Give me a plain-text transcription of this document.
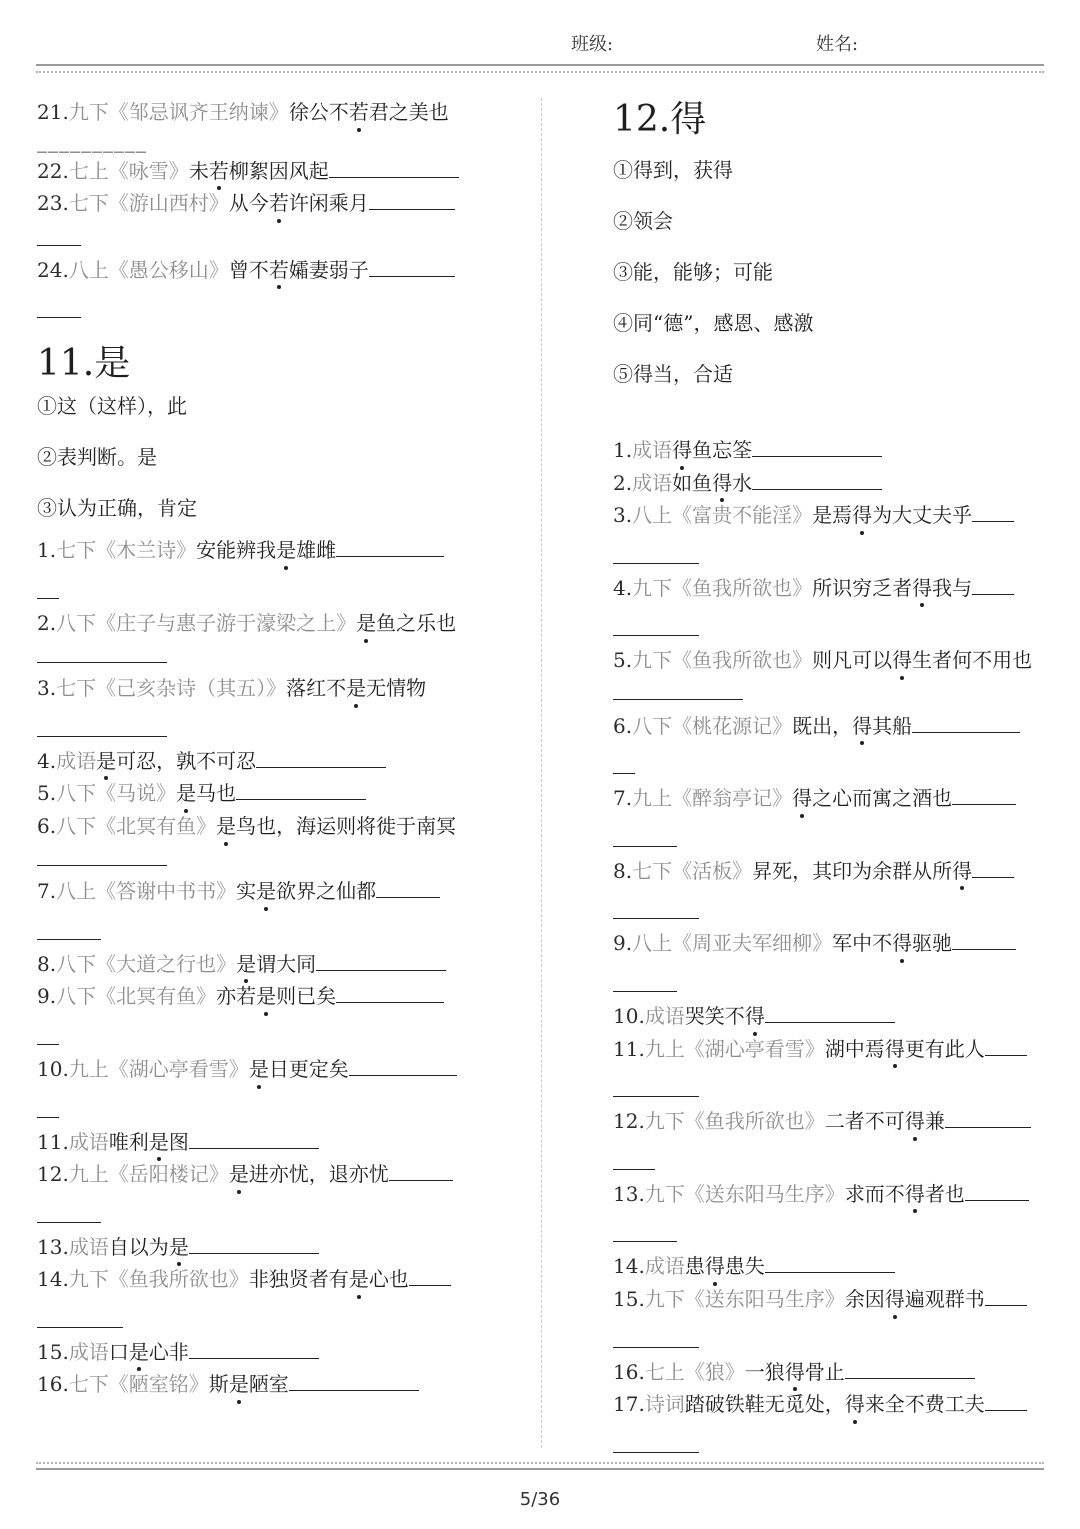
班级:	姓名:
21.九下《邹忌讽齐王纳谏》徐公不若君之美也
__________
22.七上《咏雪》未若柳絮因风起
23.七下《游山西村》从今若许闲乘月
24.八上《愚公移山》曾不若孀妻弱子
11.是
①这（这样），此
②表判断。是
③认为正确，肯定
1.七下《木兰诗》安能辨我是雄雌
2.八下《庄子与惠子游于濠梁之上》是鱼之乐也
3.七下《己亥杂诗（其五）》落红不是无情物
4.成语是可忍，孰不可忍
5.八下《马说》是马也
6.八下《北冥有鱼》是鸟也，海运则将徙于南冥
7.八上《答谢中书书》实是欲界之仙都
8.八下《大道之行也》是谓大同
9.八下《北冥有鱼》亦若是则已矣
10.九上《湖心亭看雪》是日更定矣
11.成语唯利是图
12.九上《岳阳楼记》是进亦忧，退亦忧
13.成语自以为是
14.九下《鱼我所欲也》非独贤者有是心也
15.成语口是心非
16.七下《陋室铭》斯是陋室
12.得
①得到，获得
②领会
③能，能够；可能
④同“德”，感恩、感激
⑤得当，合适
1.成语得鱼忘筌
2.成语如鱼得水
3.八上《富贵不能淫》是焉得为大丈夫乎
4.九下《鱼我所欲也》所识穷乏者得我与
5.九下《鱼我所欲也》则凡可以得生者何不用也
6.八下《桃花源记》既出，得其船
7.九上《醉翁亭记》得之心而寓之酒也
8.七下《活板》昇死，其印为余群从所得
9.八上《周亚夫军细柳》军中不得驱驰
10.成语哭笑不得
11.九上《湖心亭看雪》湖中焉得更有此人
12.九下《鱼我所欲也》二者不可得兼
13.九下《送东阳马生序》求而不得者也
14.成语患得患失
15.九下《送东阳马生序》余因得遍观群书
16.七上《狼》一狼得骨止
17.诗词踏破铁鞋无觅处，得来全不费工夫
5/36
